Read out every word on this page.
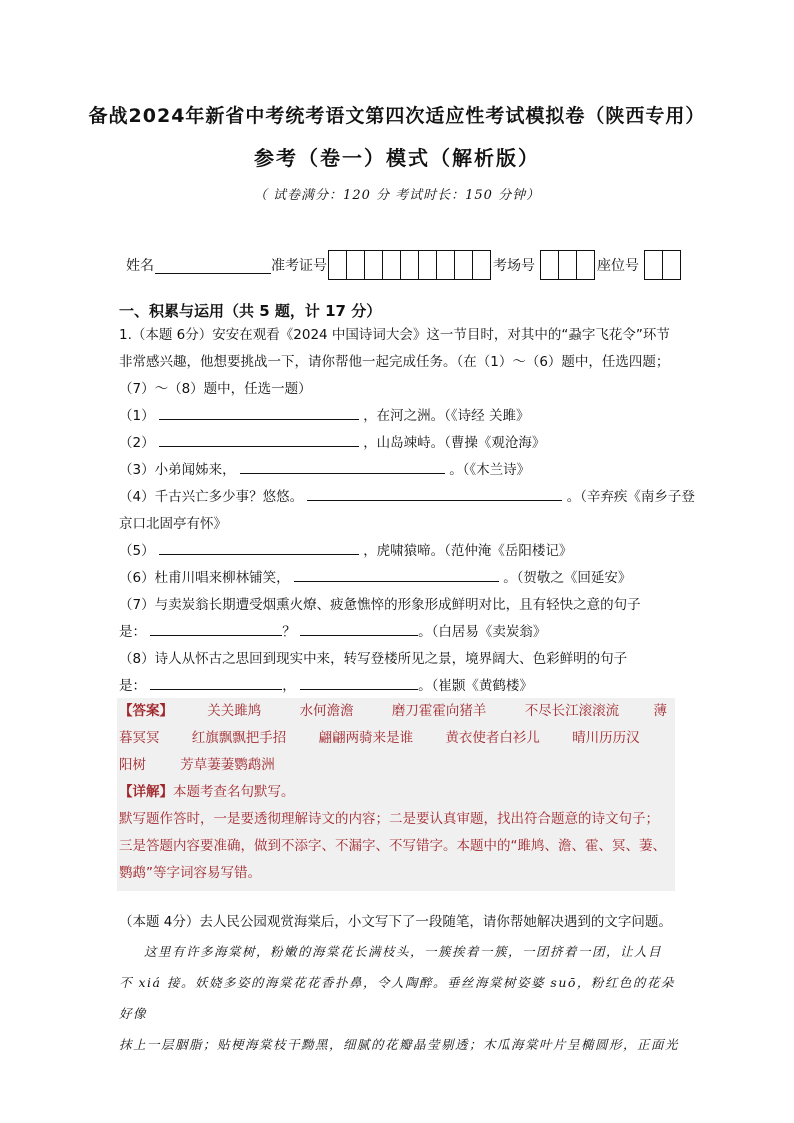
备战2024年新省中考统考语文第四次适应性考试模拟卷（陕西专用）
参考（卷一）模式（解析版）
（ 试卷满分：120 分 考试时长：150 分钟）
姓名	准考证号	考场号	座位号
一、积累与运用（共 5 题，计 17 分）
1.（本题 6分）安安在观看《2024 中国诗词大会》这一节目时，对其中的“蝨字飞花令”环节
非常感兴趣，他想要挑战一下，请你帮他一起完成任务。（在（1）～（6）题中，任选四题；
（7）～（8）题中，任选一题）
（1）	，在河之洲。（《诗经 关雎》
（2）	，山岛竦峙。（曹操《观沧海》
（3）小弟闻姊来，	。（《木兰诗》
（4）千古兴亡多少事？悠悠。	。（辛弃疾《南乡子登
京口北固亭有怀》
（5）	，虎啸猿啼。（范仲淹《岳阳楼记》
（6）杜甫川唱来柳林铺笑，	。（贺敬之《回延安》
（7）与卖炭翁长期遭受烟熏火燎、疲惫憔悴的形象形成鲜明对比，且有轻快之意的句子
是：	？	。（白居易《卖炭翁》
（8）诗人从怀古之思回到现实中来，转写登楼所见之景，境界阔大、色彩鲜明的句子
是：	，	。（崔颢《黄鹤楼》
【答案】	关关雎鸠	水何澹澹	磨刀霍霍向猪羊	不尽长江滚滚流	薄
暮冥冥 红旗飘飘把手招 翩翩两骑来是谁 黄衣使者白衫儿 晴川历历汉
阳树	芳草萋萋鹦鹉洲
【详解】本题考查名句默写。
默写题作答时，一是要透彻理解诗文的内容；二是要认真审题，找出符合题意的诗文句子；
三是答题内容要准确，做到不添字、不漏字、不写错字。本题中的“雎鸠、澹、霍、冥、萋、
鹦鹉”等字词容易写错。
（本题 4分）去人民公园观赏海棠后，小文写下了一段随笔，请你帮她解决遇到的文字问题。
这里有许多海棠树，粉嫩的海棠花长满枝头，一簇挨着一簇，一团挤着一团，让人目
不 xiá 接。妖娆多姿的海棠花花香扑鼻，令人陶醉。垂丝海棠树姿婆 suō，粉红色的花朵好像
抹上一层胭脂；贴梗海棠枝干黝黑，细腻的花瓣晶莹剔透；木瓜海棠叶片呈椭圆形，正面光
